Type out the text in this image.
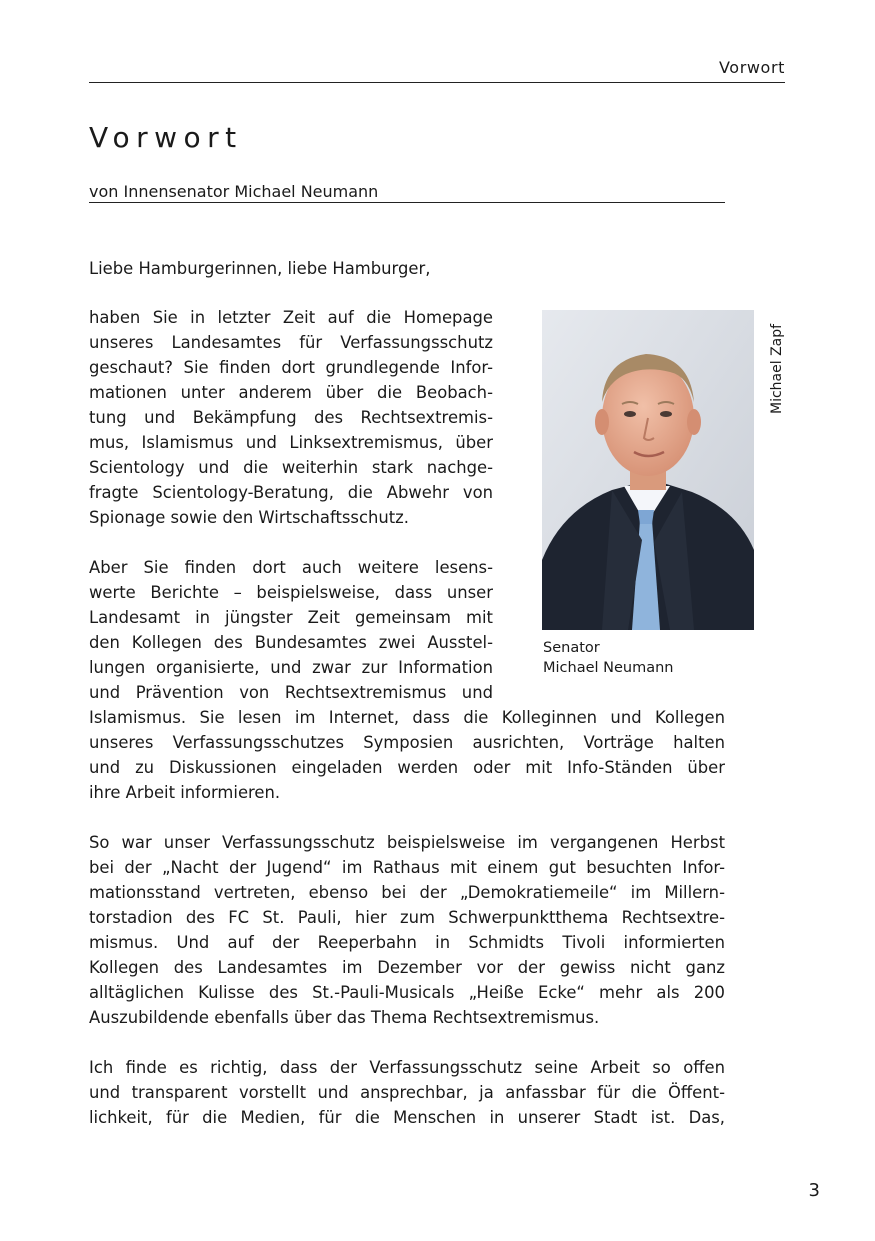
Vorwort
Vorwort
von Innensenator Michael Neumann
Liebe Hamburgerinnen, liebe Hamburger,
haben Sie in letzter Zeit auf die Homepage
unseres Landesamtes für Verfassungsschutz
geschaut? Sie finden dort grundlegende Infor-
mationen unter anderem über die Beobach-
tung und Bekämpfung des Rechtsextremis-
mus, Islamismus und Linksextremismus, über
Scientology und die weiterhin stark nachge-
fragte Scientology-Beratung, die Abwehr von
Spionage sowie den Wirtschaftsschutz.
Aber Sie finden dort auch weitere lesens-
werte Berichte – beispielsweise, dass unser
Landesamt in jüngster Zeit gemeinsam mit
den Kollegen des Bundesamtes zwei Ausstel-
lungen organisierte, und zwar zur Information
und Prävention von Rechtsextremismus und
Islamismus. Sie lesen im Internet, dass die Kolleginnen und Kollegen
unseres Verfassungsschutzes Symposien ausrichten, Vorträge halten
und zu Diskussionen eingeladen werden oder mit Info-Ständen über
ihre Arbeit informieren.
So war unser Verfassungsschutz beispielsweise im vergangenen Herbst
bei der „Nacht der Jugend“ im Rathaus mit einem gut besuchten Infor-
mationsstand vertreten, ebenso bei der „Demokratiemeile“ im Millern-
torstadion des FC St. Pauli, hier zum Schwerpunktthema Rechtsextre-
mismus. Und auf der Reeperbahn in Schmidts Tivoli informierten
Kollegen des Landesamtes im Dezember vor der gewiss nicht ganz
alltäglichen Kulisse des St.-Pauli-Musicals „Heiße Ecke“ mehr als 200
Auszubildende ebenfalls über das Thema Rechtsextremismus.
Ich finde es richtig, dass der Verfassungsschutz seine Arbeit so offen
und transparent vorstellt und ansprechbar, ja anfassbar für die Öffent-
lichkeit, für die Medien, für die Menschen in unserer Stadt ist. Das,
Senator
Michael Neumann
Michael Zapf
3
